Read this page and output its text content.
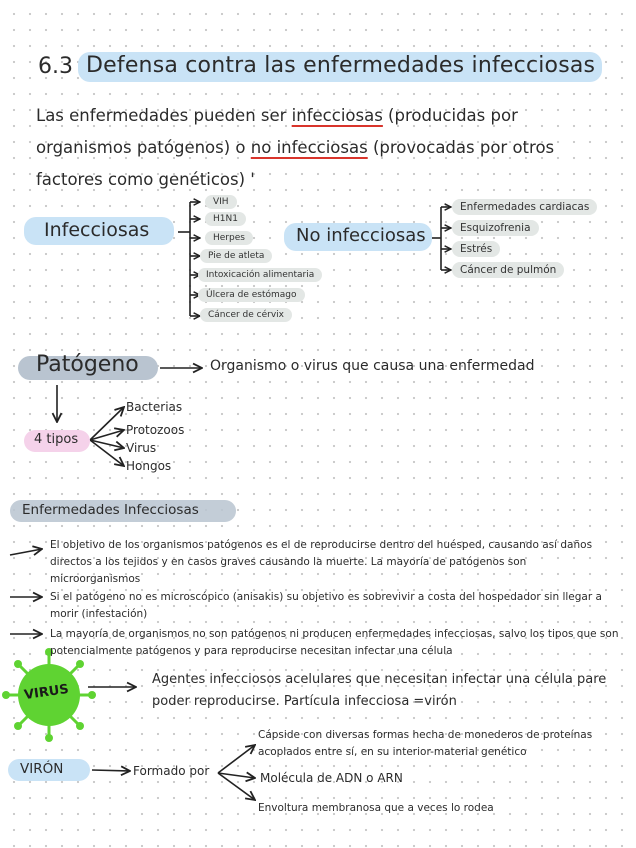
6.3 Defensa contra las enfermedades infecciosas
Las enfermedades pueden ser infecciosas (producidas por organismos patógenos) o no infecciosas (provocadas por otros factores como genéticos) '
Infecciosas
VIH
H1N1
Herpes
Pie de atleta
Intoxicación alimentaria
Úlcera de estómago
Cáncer de cérvix
No infecciosas
Enfermedades cardiacas
Esquizofrenia
Estrés
Cáncer de pulmón
Patógeno	Organismo o virus que causa una enfermedad
4 tipos
Bacterias
Protozoos
Virus
Hongos
Enfermedades Infecciosas
El objetivo de los organismos patógenos es el de reproducirse dentro del huésped, causando así daños directos a los tejidos y en casos graves causando la muerte. La mayoría de patógenos son microorganismos
Si el patógeno no es microscópico (anisakis) su objetivo es sobrevivir a costa del hospedador sin llegar a morir (infestación)
La mayoría de organismos no son patógenos ni producen enfermedades infecciosas, salvo los tipos que son potencialmente patógenos y para reproducirse necesitan infectar una célula
VIRUS
Agentes infecciosos acelulares que necesitan infectar una célula pare poder reproducirse. Partícula infecciosa =virón
VIRÓN	Formado por
Cápside con diversas formas hecha de monederos de proteínas acoplados entre sí, en su interior-material genético
Molécula de ADN o ARN
Envoltura membranosa que a veces lo rodea
